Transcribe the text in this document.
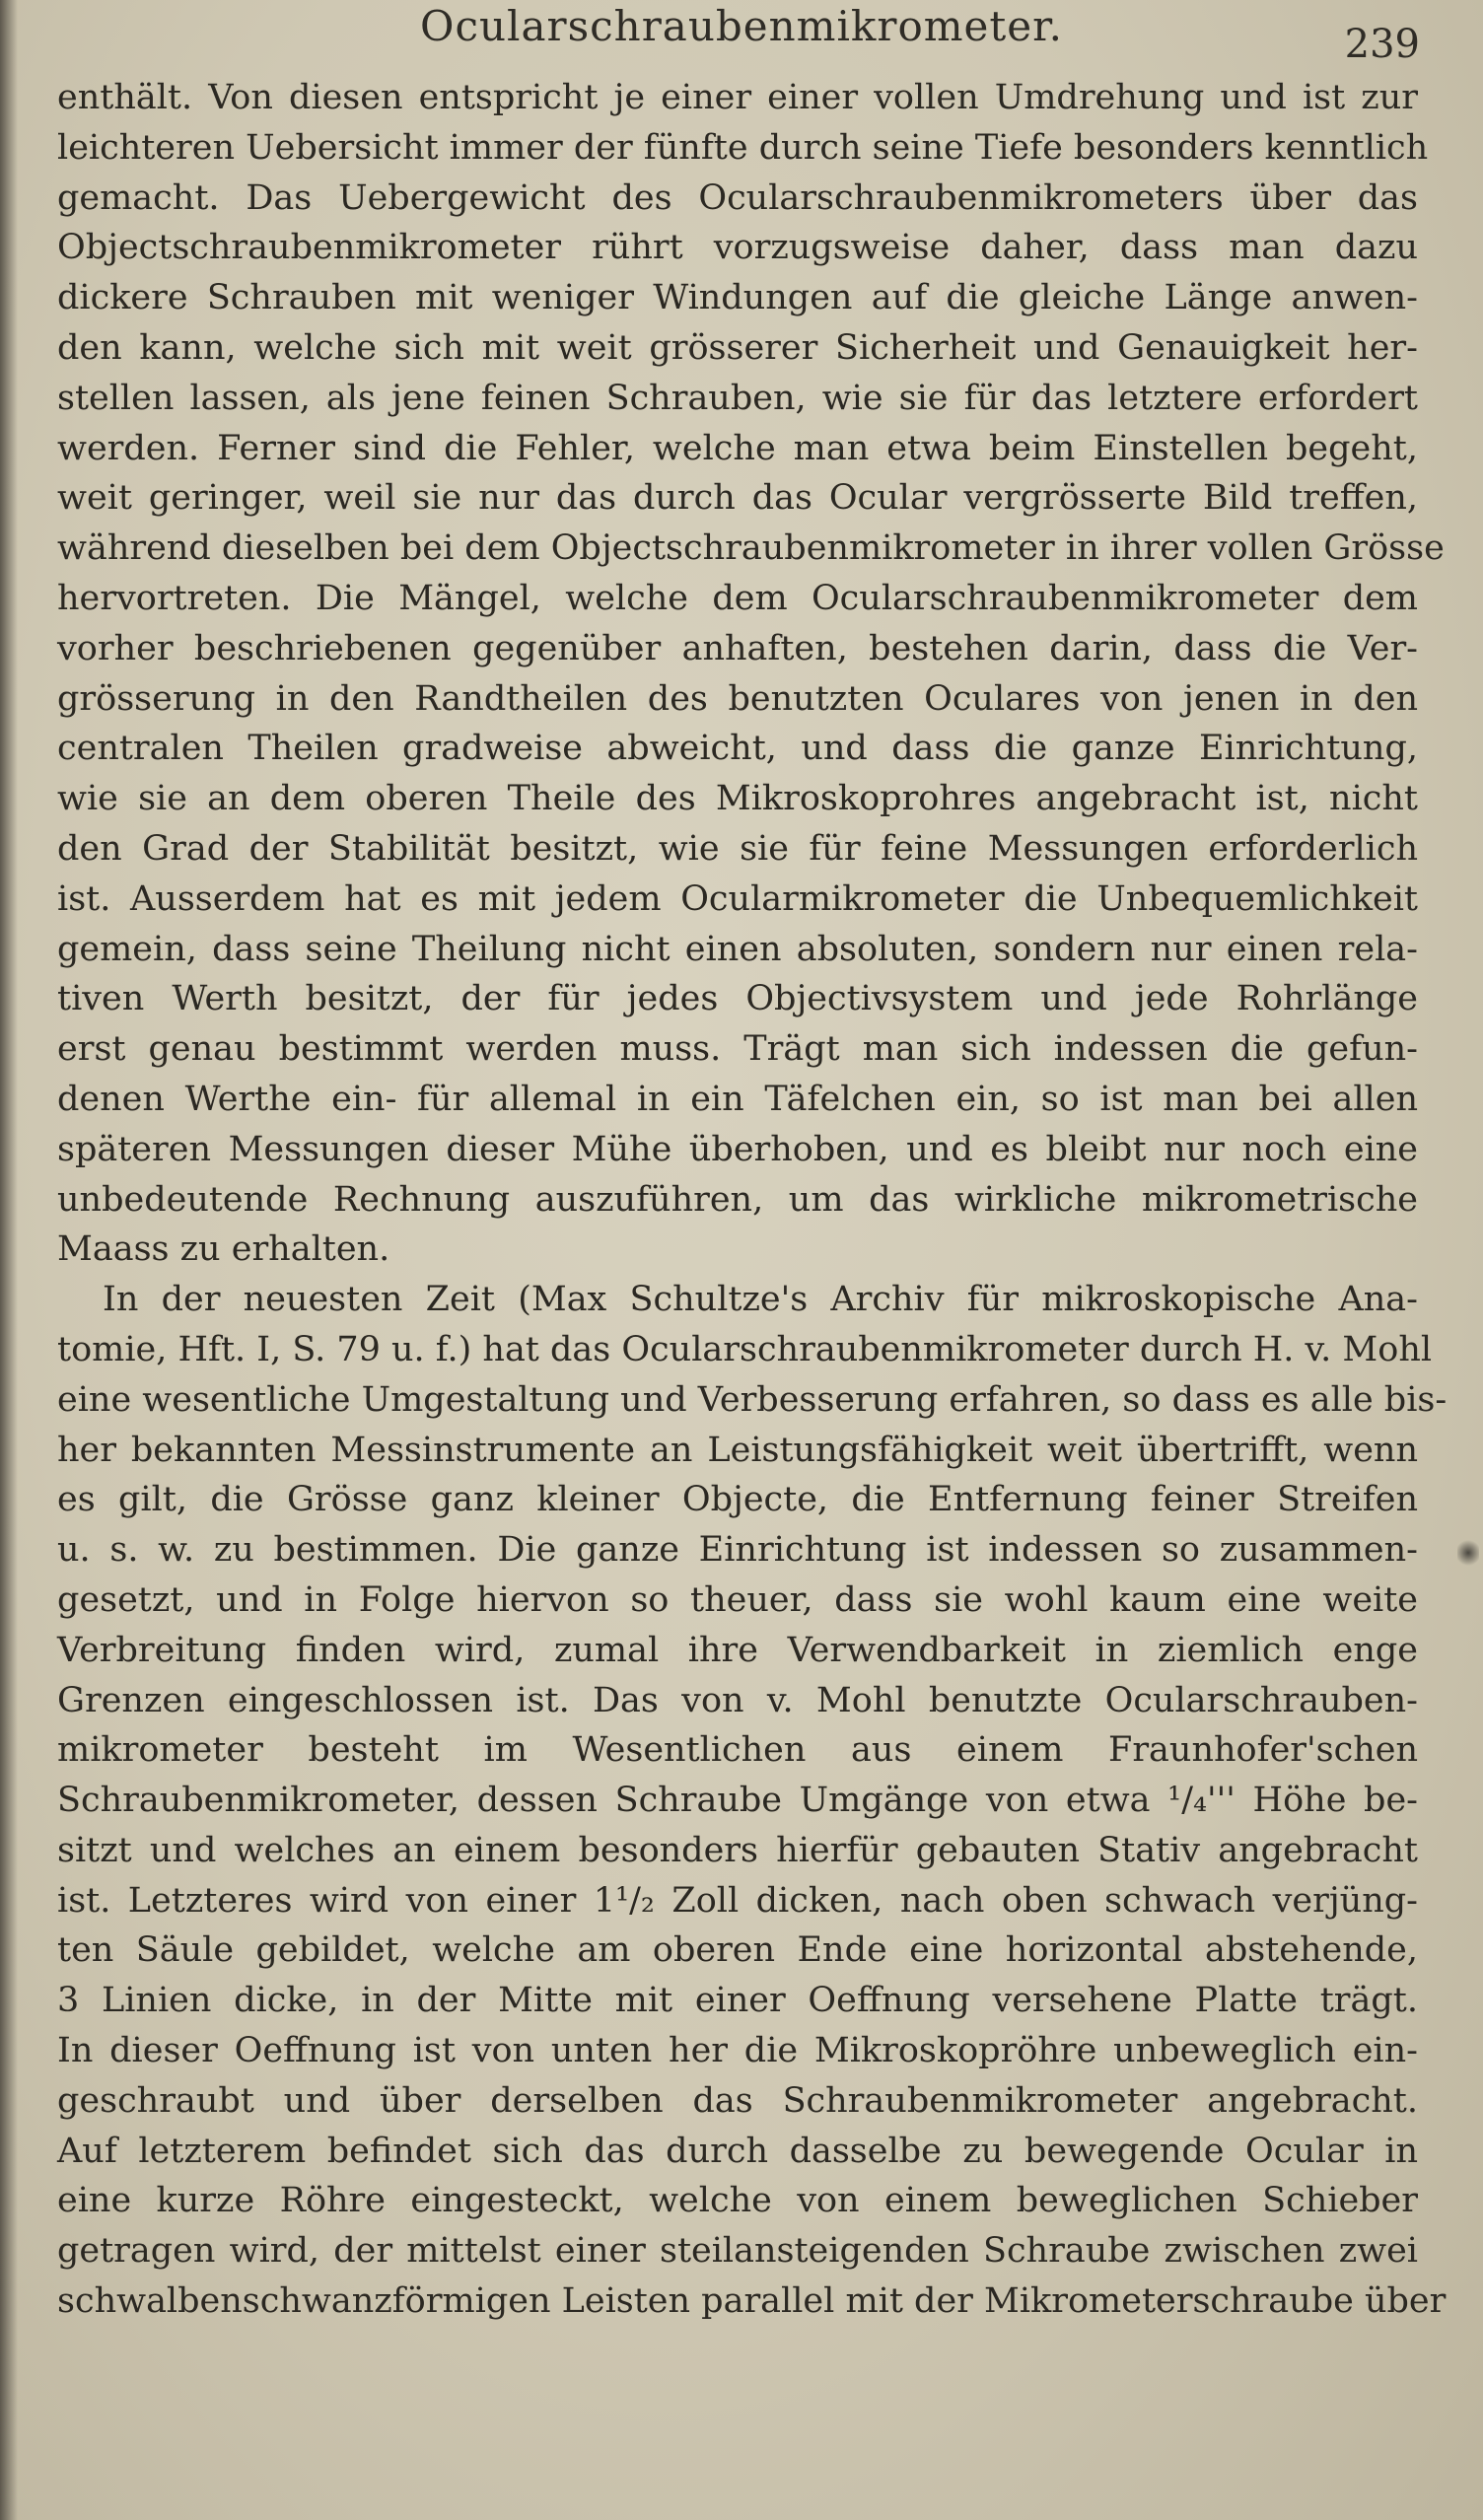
Ocularschraubenmikrometer.	239
enthält. Von diesen entspricht je einer einer vollen Umdrehung und ist zur
leichteren Uebersicht immer der fünfte durch seine Tiefe besonders kenntlich
gemacht. Das Uebergewicht des Ocularschraubenmikrometers über das
Objectschraubenmikrometer rührt vorzugsweise daher, dass man dazu
dickere Schrauben mit weniger Windungen auf die gleiche Länge anwen-
den kann, welche sich mit weit grösserer Sicherheit und Genauigkeit her-
stellen lassen, als jene feinen Schrauben, wie sie für das letztere erfordert
werden. Ferner sind die Fehler, welche man etwa beim Einstellen begeht,
weit geringer, weil sie nur das durch das Ocular vergrösserte Bild treffen,
während dieselben bei dem Objectschraubenmikrometer in ihrer vollen Grösse
hervortreten. Die Mängel, welche dem Ocularschraubenmikrometer dem
vorher beschriebenen gegenüber anhaften, bestehen darin, dass die Ver-
grösserung in den Randtheilen des benutzten Oculares von jenen in den
centralen Theilen gradweise abweicht, und dass die ganze Einrichtung,
wie sie an dem oberen Theile des Mikroskoprohres angebracht ist, nicht
den Grad der Stabilität besitzt, wie sie für feine Messungen erforderlich
ist. Ausserdem hat es mit jedem Ocularmikrometer die Unbequemlichkeit
gemein, dass seine Theilung nicht einen absoluten, sondern nur einen rela-
tiven Werth besitzt, der für jedes Objectivsystem und jede Rohrlänge
erst genau bestimmt werden muss. Trägt man sich indessen die gefun-
denen Werthe ein- für allemal in ein Täfelchen ein, so ist man bei allen
späteren Messungen dieser Mühe überhoben, und es bleibt nur noch eine
unbedeutende Rechnung auszuführen, um das wirkliche mikrometrische
Maass zu erhalten.
In der neuesten Zeit (Max Schultze's Archiv für mikroskopische Ana-
tomie, Hft. I, S. 79 u. f.) hat das Ocularschraubenmikrometer durch H. v. Mohl
eine wesentliche Umgestaltung und Verbesserung erfahren, so dass es alle bis-
her bekannten Messinstrumente an Leistungsfähigkeit weit übertrifft, wenn
es gilt, die Grösse ganz kleiner Objecte, die Entfernung feiner Streifen
u. s. w. zu bestimmen. Die ganze Einrichtung ist indessen so zusammen-
gesetzt, und in Folge hiervon so theuer, dass sie wohl kaum eine weite
Verbreitung finden wird, zumal ihre Verwendbarkeit in ziemlich enge
Grenzen eingeschlossen ist. Das von v. Mohl benutzte Ocularschrauben-
mikrometer besteht im Wesentlichen aus einem Fraunhofer'schen
Schraubenmikrometer, dessen Schraube Umgänge von etwa ¹/₄''' Höhe be-
sitzt und welches an einem besonders hierfür gebauten Stativ angebracht
ist. Letzteres wird von einer 1¹/₂ Zoll dicken, nach oben schwach verjüng-
ten Säule gebildet, welche am oberen Ende eine horizontal abstehende,
3 Linien dicke, in der Mitte mit einer Oeffnung versehene Platte trägt.
In dieser Oeffnung ist von unten her die Mikroskopröhre unbeweglich ein-
geschraubt und über derselben das Schraubenmikrometer angebracht.
Auf letzterem befindet sich das durch dasselbe zu bewegende Ocular in
eine kurze Röhre eingesteckt, welche von einem beweglichen Schieber
getragen wird, der mittelst einer steilansteigenden Schraube zwischen zwei
schwalbenschwanzförmigen Leisten parallel mit der Mikrometerschraube über
